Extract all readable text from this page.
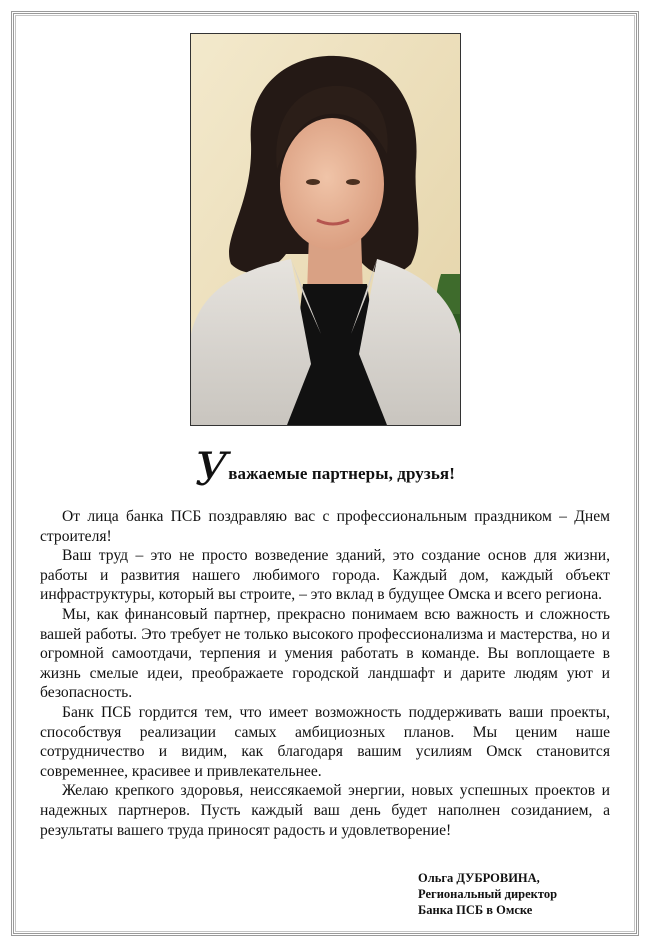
Уважаемые партнеры, друзья!

От лица банка ПСБ поздравляю вас с профессиональным праздником – Днем строителя!

Ваш труд – это не просто возведение зданий, это создание основ для жизни, работы и развития нашего любимого города. Каждый дом, каждый объект инфраструктуры, который вы строите, – это вклад в будущее Омска и всего региона.

Мы, как финансовый партнер, прекрасно понимаем всю важность и сложность вашей работы. Это требует не только высокого профессионализма и мастерства, но и огромной самоотдачи, терпения и умения работать в команде. Вы воплощаете в жизнь смелые идеи, преображаете городской ландшафт и дарите людям уют и безопасность.

Банк ПСБ гордится тем, что имеет возможность поддерживать ваши проекты, способствуя реализации самых амбициозных планов. Мы ценим наше сотрудничество и видим, как благодаря вашим усилиям Омск становится современнее, красивее и привлекательнее.

Желаю крепкого здоровья, неиссякаемой энергии, новых успешных проектов и надежных партнеров. Пусть каждый ваш день будет наполнен созиданием, а результаты вашего труда приносят радость и удовлетворение!

Ольга ДУБРОВИНА,
Региональный директор
Банка ПСБ в Омске
